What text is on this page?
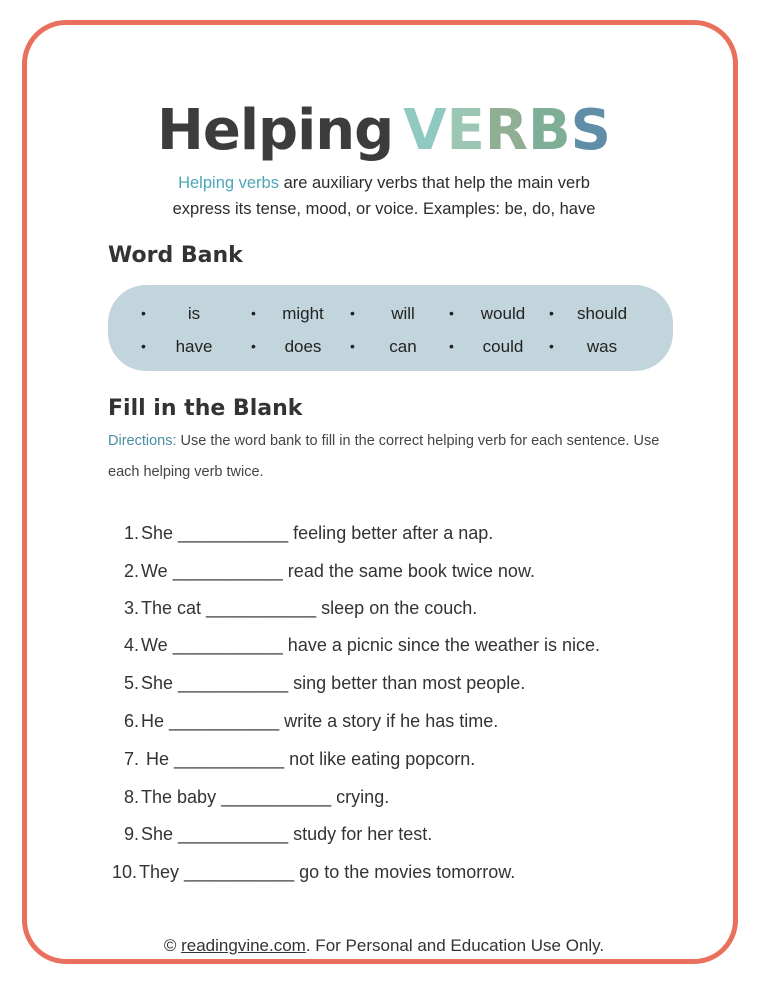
Helping VERBS
Helping verbs are auxiliary verbs that help the main verb
express its tense, mood, or voice. Examples: be, do, have
Word Bank
•	is	•	might	•	will	•	would	•	should
•	have	•	does	•	can	•	could	•	was
Fill in the Blank
Directions: Use the word bank to fill in the correct helping verb for each sentence. Use each helping verb twice.
1. She ___________ feeling better after a nap.
2. We ___________ read the same book twice now.
3. The cat ___________ sleep on the couch.
4. We ___________ have a picnic since the weather is nice.
5. She ___________ sing better than most people.
6. He ___________ write a story if he has time.
7. He ___________ not like eating popcorn.
8. The baby ___________ crying.
9. She ___________ study for her test.
10. They ___________ go to the movies tomorrow.
© readingvine.com. For Personal and Education Use Only.
